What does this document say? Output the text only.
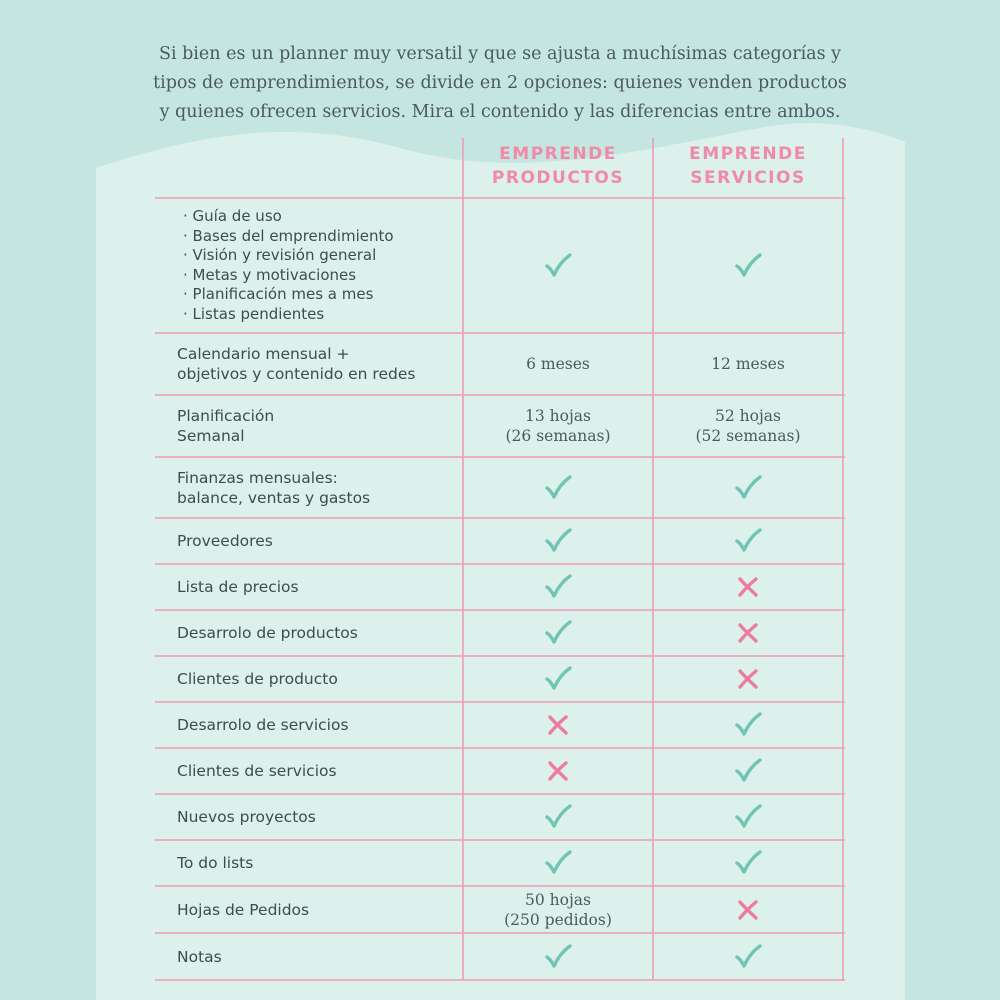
Si bien es un planner muy versatil y que se ajusta a muchísimas categorías y
tipos de emprendimientos, se divide en 2 opciones: quienes venden productos
y quienes ofrecen servicios. Mira el contenido y las diferencias entre ambos.

EMPRENDE
PRODUCTOS
EMPRENDE
SERVICIOS
· Guía de uso
· Bases del emprendimiento
· Visión y revisión general
· Metas y motivaciones
· Planificación mes a mes
· Listas pendientes
Calendario mensual +
objetivos y contenido en redes
6 meses	12 meses
Planificación
Semanal
13 hojas
(26 semanas)
52 hojas
(52 semanas)
Finanzas mensuales:
balance, ventas y gastos
Proveedores
Lista de precios
Desarrolo de productos
Clientes de producto
Desarrolo de servicios
Clientes de servicios
Nuevos proyectos
To do lists
Hojas de Pedidos
50 hojas
(250 pedidos)
Notas
